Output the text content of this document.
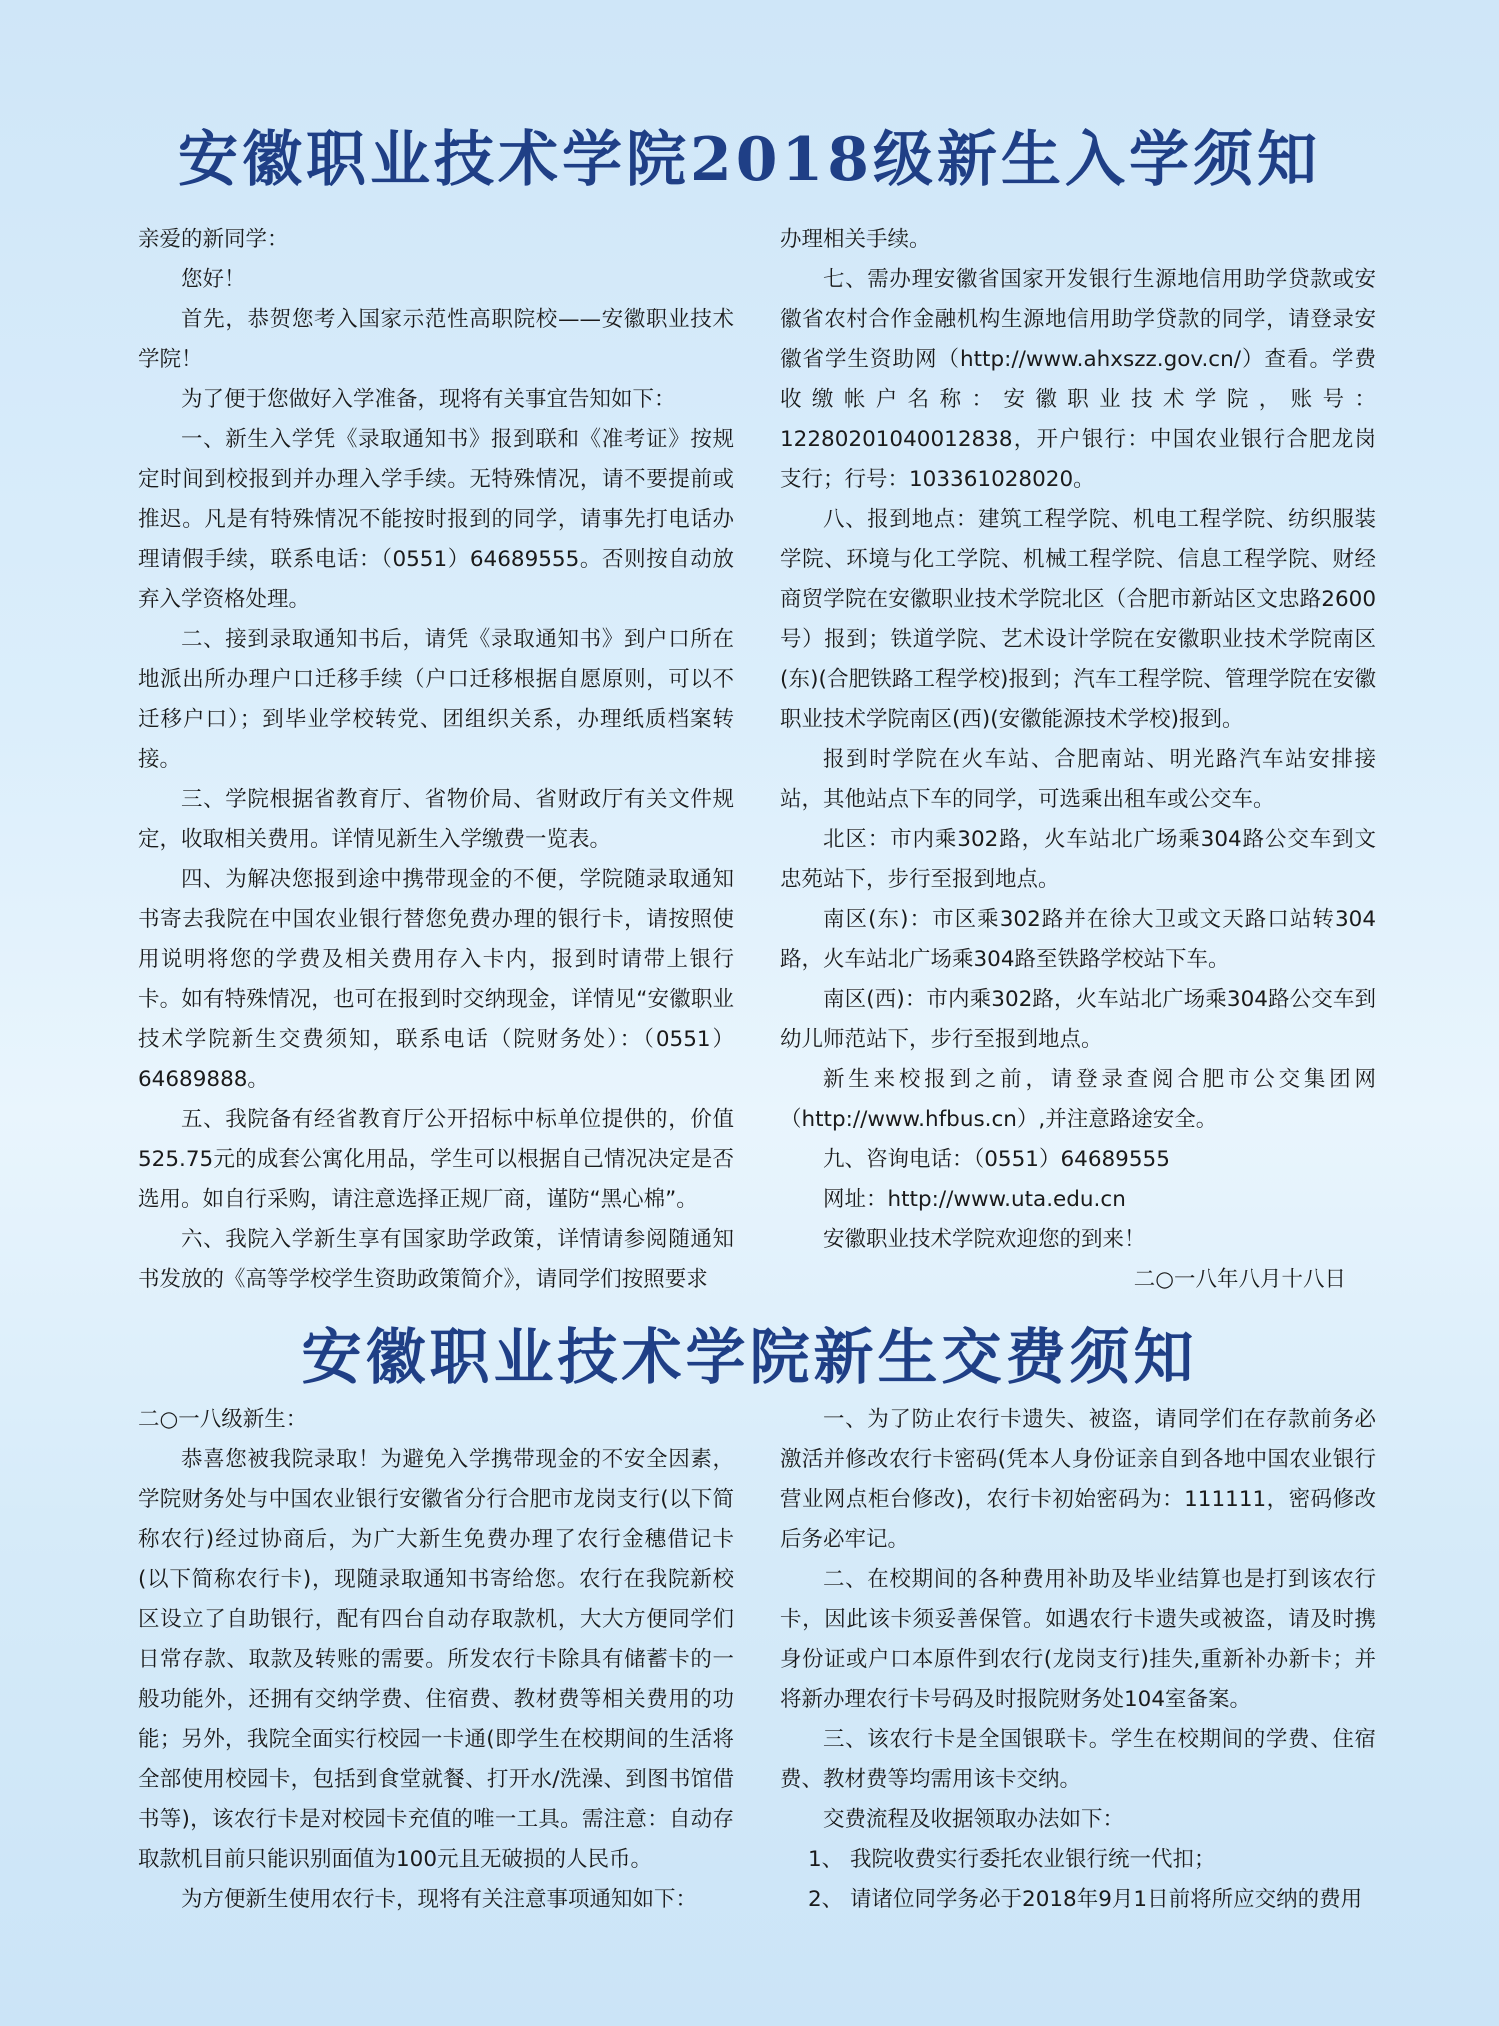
安徽职业技术学院2018级新生入学须知

亲爱的新同学：

您好！

首先，恭贺您考入国家示范性高职院校——安徽职业技术学院！

为了便于您做好入学准备，现将有关事宜告知如下：

一、新生入学凭《录取通知书》报到联和《准考证》按规定时间到校报到并办理入学手续。无特殊情况，请不要提前或推迟。凡是有特殊情况不能按时报到的同学，请事先打电话办理请假手续，联系电话：（0551）64689555。否则按自动放弃入学资格处理。

二、接到录取通知书后，请凭《录取通知书》到户口所在地派出所办理户口迁移手续（户口迁移根据自愿原则，可以不迁移户口）；到毕业学校转党、团组织关系，办理纸质档案转接。

三、学院根据省教育厅、省物价局、省财政厅有关文件规定，收取相关费用。详情见新生入学缴费一览表。

四、为解决您报到途中携带现金的不便，学院随录取通知书寄去我院在中国农业银行替您免费办理的银行卡，请按照使用说明将您的学费及相关费用存入卡内，报到时请带上银行卡。如有特殊情况，也可在报到时交纳现金，详情见“安徽职业技术学院新生交费须知，联系电话（院财务处）：（0551）64689888。

五、我院备有经省教育厅公开招标中标单位提供的，价值525.75元的成套公寓化用品，学生可以根据自己情况决定是否选用。如自行采购，请注意选择正规厂商，谨防“黑心棉”。

六、我院入学新生享有国家助学政策，详情请参阅随通知书发放的《高等学校学生资助政策简介》，请同学们按照要求

办理相关手续。

七、需办理安徽省国家开发银行生源地信用助学贷款或安徽省农村合作金融机构生源地信用助学贷款的同学，请登录安徽省学生资助网（http://www.ahxszz.gov.cn/）查看。学费收缴帐户名称：安徽职业技术学院，账号：12280201040012838，开户银行：中国农业银行合肥龙岗支行；行号：103361028020。

八、报到地点：建筑工程学院、机电工程学院、纺织服装学院、环境与化工学院、机械工程学院、信息工程学院、财经商贸学院在安徽职业技术学院北区（合肥市新站区文忠路2600号）报到；铁道学院、艺术设计学院在安徽职业技术学院南区(东)(合肥铁路工程学校)报到；汽车工程学院、管理学院在安徽职业技术学院南区(西)(安徽能源技术学校)报到。

报到时学院在火车站、合肥南站、明光路汽车站安排接站，其他站点下车的同学，可选乘出租车或公交车。

北区：市内乘302路，火车站北广场乘304路公交车到文忠苑站下，步行至报到地点。

南区(东)：市区乘302路并在徐大卫或文天路口站转304路，火车站北广场乘304路至铁路学校站下车。

南区(西)：市内乘302路，火车站北广场乘304路公交车到幼儿师范站下，步行至报到地点。

新生来校报到之前，请登录查阅合肥市公交集团网（http://www.hfbus.cn）,并注意路途安全。

九、咨询电话：（0551）64689555

网址：http://www.uta.edu.cn

安徽职业技术学院欢迎您的到来！

二○一八年八月十八日

安徽职业技术学院新生交费须知

二○一八级新生：

恭喜您被我院录取！为避免入学携带现金的不安全因素，学院财务处与中国农业银行安徽省分行合肥市龙岗支行(以下简称农行)经过协商后，为广大新生免费办理了农行金穗借记卡(以下简称农行卡)，现随录取通知书寄给您。农行在我院新校区设立了自助银行，配有四台自动存取款机，大大方便同学们日常存款、取款及转账的需要。所发农行卡除具有储蓄卡的一般功能外，还拥有交纳学费、住宿费、教材费等相关费用的功能；另外，我院全面实行校园一卡通(即学生在校期间的生活将全部使用校园卡，包括到食堂就餐、打开水/洗澡、到图书馆借书等)，该农行卡是对校园卡充值的唯一工具。需注意：自动存取款机目前只能识别面值为100元且无破损的人民币。

为方便新生使用农行卡，现将有关注意事项通知如下：

一、为了防止农行卡遗失、被盗，请同学们在存款前务必激活并修改农行卡密码(凭本人身份证亲自到各地中国农业银行营业网点柜台修改)，农行卡初始密码为：111111，密码修改后务必牢记。

二、在校期间的各种费用补助及毕业结算也是打到该农行卡，因此该卡须妥善保管。如遇农行卡遗失或被盗，请及时携身份证或户口本原件到农行(龙岗支行)挂失,重新补办新卡；并将新办理农行卡号码及时报院财务处104室备案。

三、该农行卡是全国银联卡。学生在校期间的学费、住宿费、教材费等均需用该卡交纳。

交费流程及收据领取办法如下：

1、 我院收费实行委托农业银行统一代扣；

2、 请诸位同学务必于2018年9月1日前将所应交纳的费用
